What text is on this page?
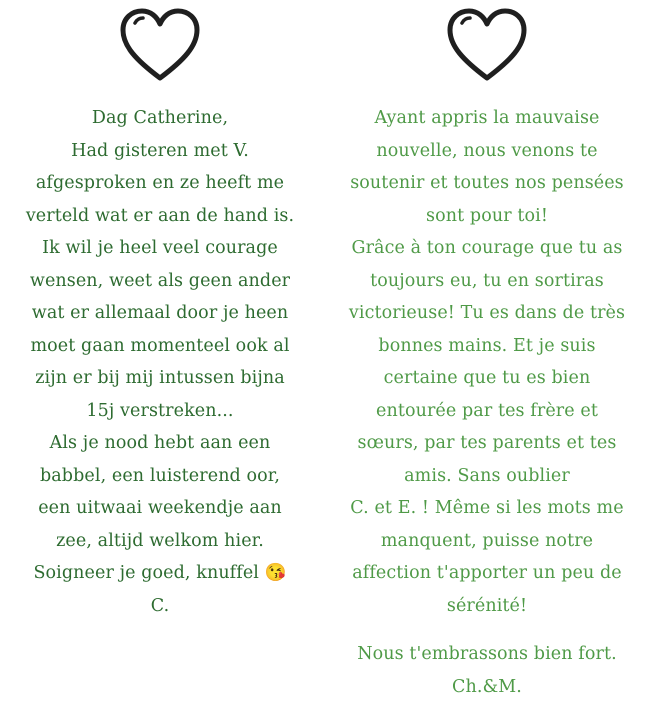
Dag Catherine,
Had gisteren met V.
afgesproken en ze heeft me
verteld wat er aan de hand is.
Ik wil je heel veel courage
wensen, weet als geen ander
wat er allemaal door je heen
moet gaan momenteel ook al
zijn er bij mij intussen bijna
15j verstreken...
Als je nood hebt aan een
babbel, een luisterend oor,
een uitwaai weekendje aan
zee, altijd welkom hier.
Soigneer je goed, knuffel 😘
C.
Ayant appris la mauvaise
nouvelle, nous venons te
soutenir et toutes nos pensées
sont pour toi!
Grâce à ton courage que tu as
toujours eu, tu en sortiras
victorieuse! Tu es dans de très
bonnes mains. Et je suis
certaine que tu es bien
entourée par tes frère et
sœurs, par tes parents et tes
amis. Sans oublier
C. et E. ! Même si les mots me
manquent, puisse notre
affection t'apporter un peu de
sérénité!
Nous t'embrassons bien fort.
Ch.&M.
